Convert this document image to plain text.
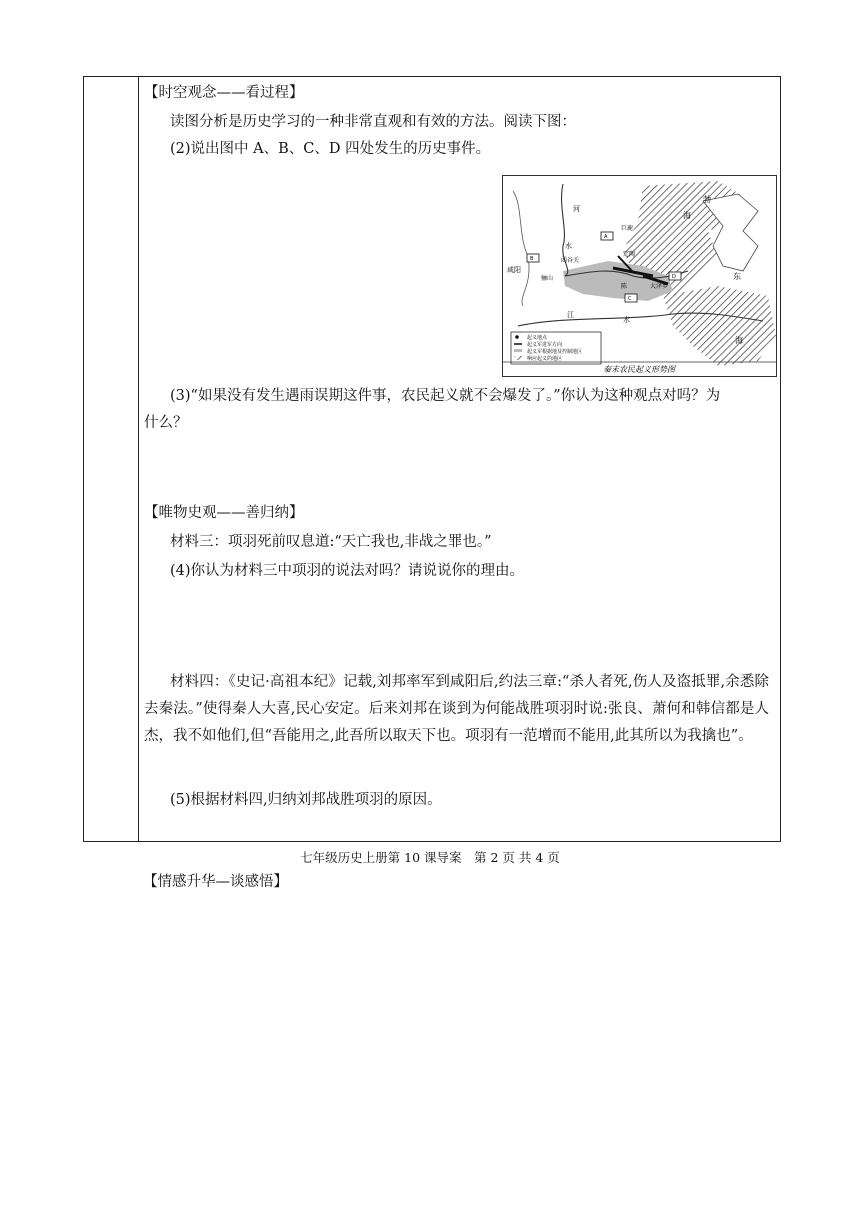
【时空观念——看过程】
读图分析是历史学习的一种非常直观和有效的方法。阅读下图：
(2)说出图中 A、B、C、D 四处发生的历史事件。
(3)“如果没有发生遇雨误期这件事，农民起义就不会爆发了。”你认为这种观点对吗？为
什么？
【唯物史观——善归纳】
材料三：项羽死前叹息道:“天亡我也,非战之罪也。”
(4)你认为材料三中项羽的说法对吗？请说说你的理由。
材料四：《史记·高祖本纪》记载,刘邦率军到咸阳后,约法三章:“杀人者死,伤人及盗抵罪,余悉除去秦法。”使得秦人大喜,民心安定。后来刘邦在谈到为何能战胜项羽时说:张良、萧何和韩信都是人杰，我不如他们,但“吾能用之,此吾所以取天下也。项羽有一范增而不能用,此其所以为我擒也”。
(5)根据材料四,归纳刘邦战胜项羽的原因。
起义地点
起义军进军方向
起义军根据地及控制地区
响应起义的地区
A
B
C
D
河
水
勃
海
东
海
江
水
咸阳
骊山
函谷关
巨鹿
定陶
陈	大泽乡
秦末农民起义形势图
【情感升华—谈感悟】
七年级历史上册第 10 课导案　第 2 页 共 4 页
